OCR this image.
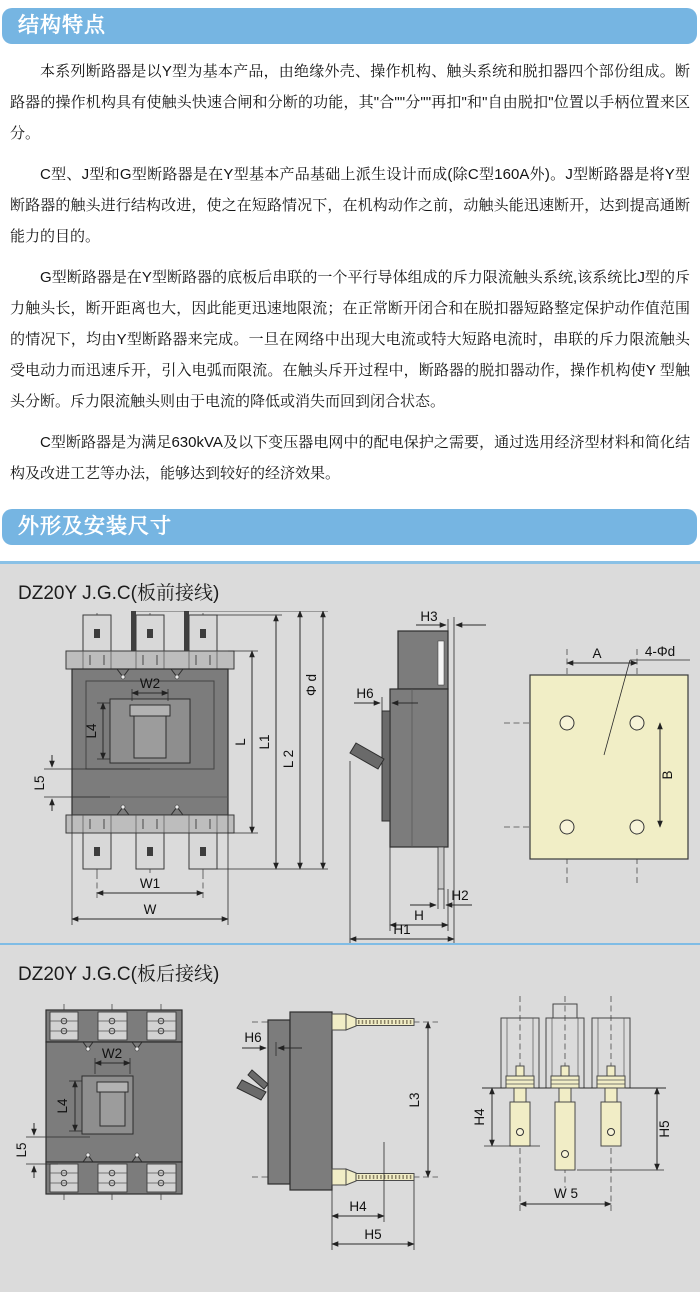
结构特点

本系列断路器是以Y型为基本产品，由绝缘外壳、操作机构、触头系统和脱扣器四个部份组成。断路器的操作机构具有使触头快速合闸和分断的功能，其"合""分""再扣"和"自由脱扣"位置以手柄位置来区分。

C型、J型和G型断路器是在Y型基本产品基础上派生设计而成(除C型160A外)。J型断路器是将Y型断路器的触头进行结构改进，使之在短路情况下，在机构动作之前，动触头能迅速断开，达到提高通断能力的目的。

G型断路器是在Y型断路器的底板后串联的一个平行导体组成的斥力限流触头系统,该系统比J型的斥力触头长，断开距离也大，因此能更迅速地限流；在正常断开闭合和在脱扣器短路整定保护动作值范围的情况下，均由Y型断路器来完成。一旦在网络中出现大电流或特大短路电流时，串联的斥力限流触头受电动力而迅速斥开，引入电弧而限流。在触头斥开过程中，断路器的脱扣器动作，操作机构使Y 型触头分断。斥力限流触头则由于电流的降低或消失而回到闭合状态。

C型断路器是为满足630kVA及以下变压器电网中的配电保护之需要，通过选用经济型材料和简化结构及改进工艺等办法，能够达到较好的经济效果。

外形及安装尺寸
DZ20Y J.G.C(板前接线)
W2
L4
L5
L L1
L 2
Φ d
W1
W
H3
H6
H2
H
H1
A	4-Φd
B
DZ20Y J.G.C(板后接线)
W2
L4
L5
H6
L3
H4
H5
H4
H5
W 5
